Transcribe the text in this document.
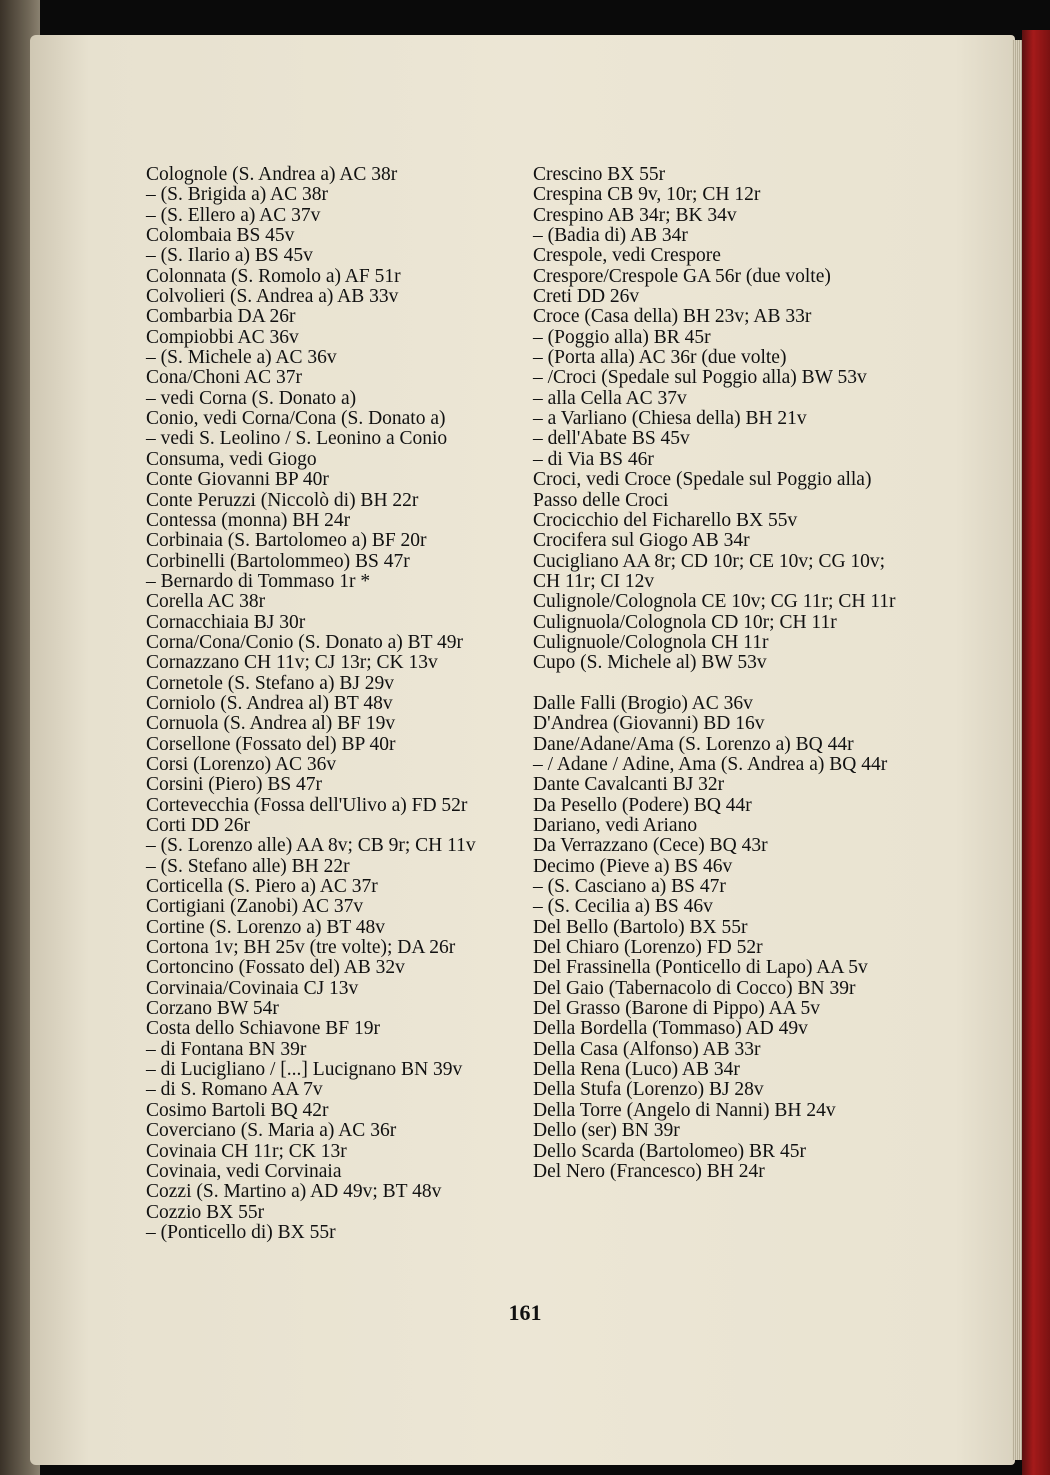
Colognole (S. Andrea a) AC 38r
– (S. Brigida a) AC 38r
– (S. Ellero a) AC 37v
Colombaia BS 45v
– (S. Ilario a) BS 45v
Colonnata (S. Romolo a) AF 51r
Colvolieri (S. Andrea a) AB 33v
Combarbia DA 26r
Compiobbi AC 36v
– (S. Michele a) AC 36v
Cona/Choni AC 37r
– vedi Corna (S. Donato a)
Conio, vedi Corna/Cona (S. Donato a)
– vedi S. Leolino / S. Leonino a Conio
Consuma, vedi Giogo
Conte Giovanni BP 40r
Conte Peruzzi (Niccolò di) BH 22r
Contessa (monna) BH 24r
Corbinaia (S. Bartolomeo a) BF 20r
Corbinelli (Bartolommeo) BS 47r
– Bernardo di Tommaso 1r *
Corella AC 38r
Cornacchiaia BJ 30r
Corna/Cona/Conio (S. Donato a) BT 49r
Cornazzano CH 11v; CJ 13r; CK 13v
Cornetole (S. Stefano a) BJ 29v
Corniolo (S. Andrea al) BT 48v
Cornuola (S. Andrea al) BF 19v
Corsellone (Fossato del) BP 40r
Corsi (Lorenzo) AC 36v
Corsini (Piero) BS 47r
Cortevecchia (Fossa dell'Ulivo a) FD 52r
Corti DD 26r
– (S. Lorenzo alle) AA 8v; CB 9r; CH 11v
– (S. Stefano alle) BH 22r
Corticella (S. Piero a) AC 37r
Cortigiani (Zanobi) AC 37v
Cortine (S. Lorenzo a) BT 48v
Cortona 1v; BH 25v (tre volte); DA 26r
Cortoncino (Fossato del) AB 32v
Corvinaia/Covinaia CJ 13v
Corzano BW 54r
Costa dello Schiavone BF 19r
– di Fontana BN 39r
– di Lucigliano / [...] Lucignano BN 39v
– di S. Romano AA 7v
Cosimo Bartoli BQ 42r
Coverciano (S. Maria a) AC 36r
Covinaia CH 11r; CK 13r
Covinaia, vedi Corvinaia
Cozzi (S. Martino a) AD 49v; BT 48v
Cozzio BX 55r
– (Ponticello di) BX 55r
Crescino BX 55r
Crespina CB 9v, 10r; CH 12r
Crespino AB 34r; BK 34v
– (Badia di) AB 34r
Crespole, vedi Crespore
Crespore/Crespole GA 56r (due volte)
Creti DD 26v
Croce (Casa della) BH 23v; AB 33r
– (Poggio alla) BR 45r
– (Porta alla) AC 36r (due volte)
– /Croci (Spedale sul Poggio alla) BW 53v
– alla Cella AC 37v
– a Varliano (Chiesa della) BH 21v
– dell'Abate BS 45v
– di Via BS 46r
Croci, vedi Croce (Spedale sul Poggio alla) Passo delle Croci
Crocicchio del Ficharello BX 55v
Crocifera sul Giogo AB 34r
Cucigliano AA 8r; CD 10r; CE 10v; CG 10v; CH 11r; CI 12v
Culignole/Colognola CE 10v; CG 11r; CH 11r
Culignuola/Colognola CD 10r; CH 11r
Culignuole/Colognola CH 11r
Cupo (S. Michele al) BW 53v
Dalle Falli (Brogio) AC 36v
D'Andrea (Giovanni) BD 16v
Dane/Adane/Ama (S. Lorenzo a) BQ 44r
– / Adane / Adine, Ama (S. Andrea a) BQ 44r
Dante Cavalcanti BJ 32r
Da Pesello (Podere) BQ 44r
Dariano, vedi Ariano
Da Verrazzano (Cece) BQ 43r
Decimo (Pieve a) BS 46v
– (S. Casciano a) BS 47r
– (S. Cecilia a) BS 46v
Del Bello (Bartolo) BX 55r
Del Chiaro (Lorenzo) FD 52r
Del Frassinella (Ponticello di Lapo) AA 5v
Del Gaio (Tabernacolo di Cocco) BN 39r
Del Grasso (Barone di Pippo) AA 5v
Della Bordella (Tommaso) AD 49v
Della Casa (Alfonso) AB 33r
Della Rena (Luco) AB 34r
Della Stufa (Lorenzo) BJ 28v
Della Torre (Angelo di Nanni) BH 24v
Dello (ser) BN 39r
Dello Scarda (Bartolomeo) BR 45r
Del Nero (Francesco) BH 24r
161
